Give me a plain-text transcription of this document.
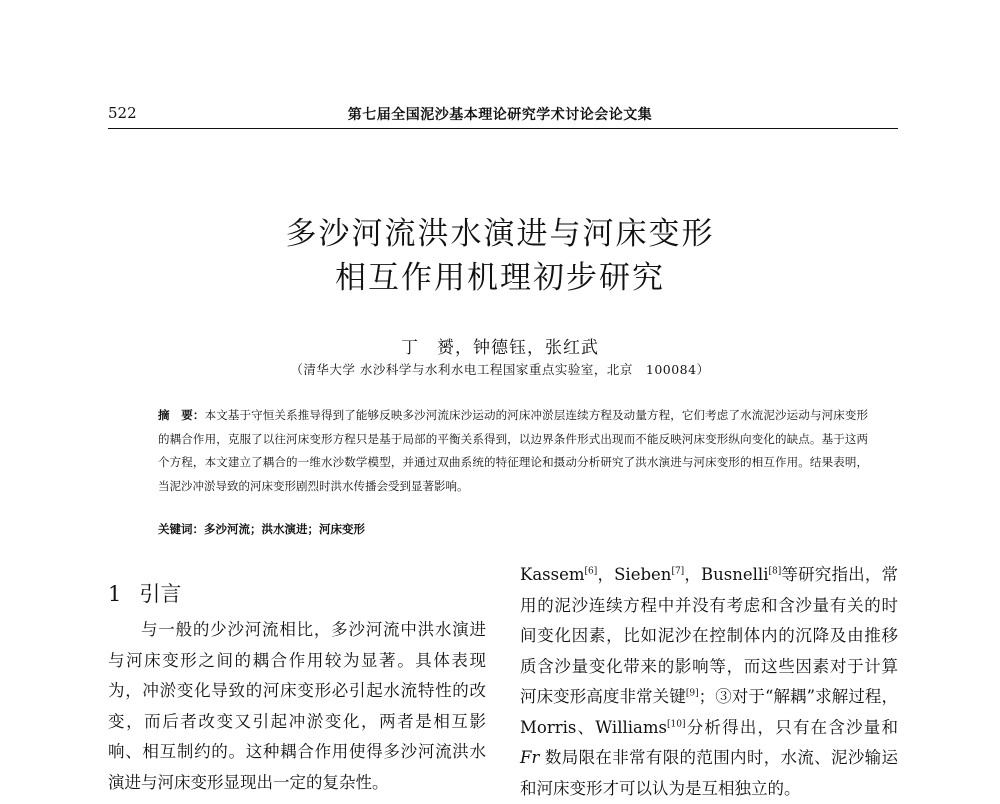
522	第七届全国泥沙基本理论研究学术讨论会论文集
多沙河流洪水演进与河床变形
相互作用机理初步研究
丁　赟，钟德钰，张红武
（清华大学 水沙科学与水利水电工程国家重点实验室，北京　100084）
摘　要：本文基于守恒关系推导得到了能够反映多沙河流床沙运动的河床冲淤层连续方程及动量方程，它们考虑了水流泥沙运动与河床变形的耦合作用，克服了以往河床变形方程只是基于局部的平衡关系得到，以边界条件形式出现而不能反映河床变形纵向变化的缺点。基于这两个方程，本文建立了耦合的一维水沙数学模型，并通过双曲系统的特征理论和摄动分析研究了洪水演进与河床变形的相互作用。结果表明，当泥沙冲淤导致的河床变形剧烈时洪水传播会受到显著影响。
关键词：多沙河流；洪水演进；河床变形
1 引言

与一般的少沙河流相比，多沙河流中洪水演进与河床变形之间的耦合作用较为显著。具体表现为，冲淤变化导致的河床变形必引起水流特性的改变，而后者改变又引起冲淤变化，两者是相互影响、相互制约的。这种耦合作用使得多沙河流洪水演进与河床变形显现出一定的复杂性。

Kassem[6]，Sieben[7]，Busnelli[8]等研究指出，常用的泥沙连续方程中并没有考虑和含沙量有关的时间变化因素，比如泥沙在控制体内的沉降及由推移质含沙量变化带来的影响等，而这些因素对于计算河床变形高度非常关键[9]；③对于“解耦”求解过程，Morris、Williams[10]分析得出，只有在含沙量和 Fr 数局限在非常有限的范围内时，水流、泥沙输运和河床变形才可以认为是互相独立的。
